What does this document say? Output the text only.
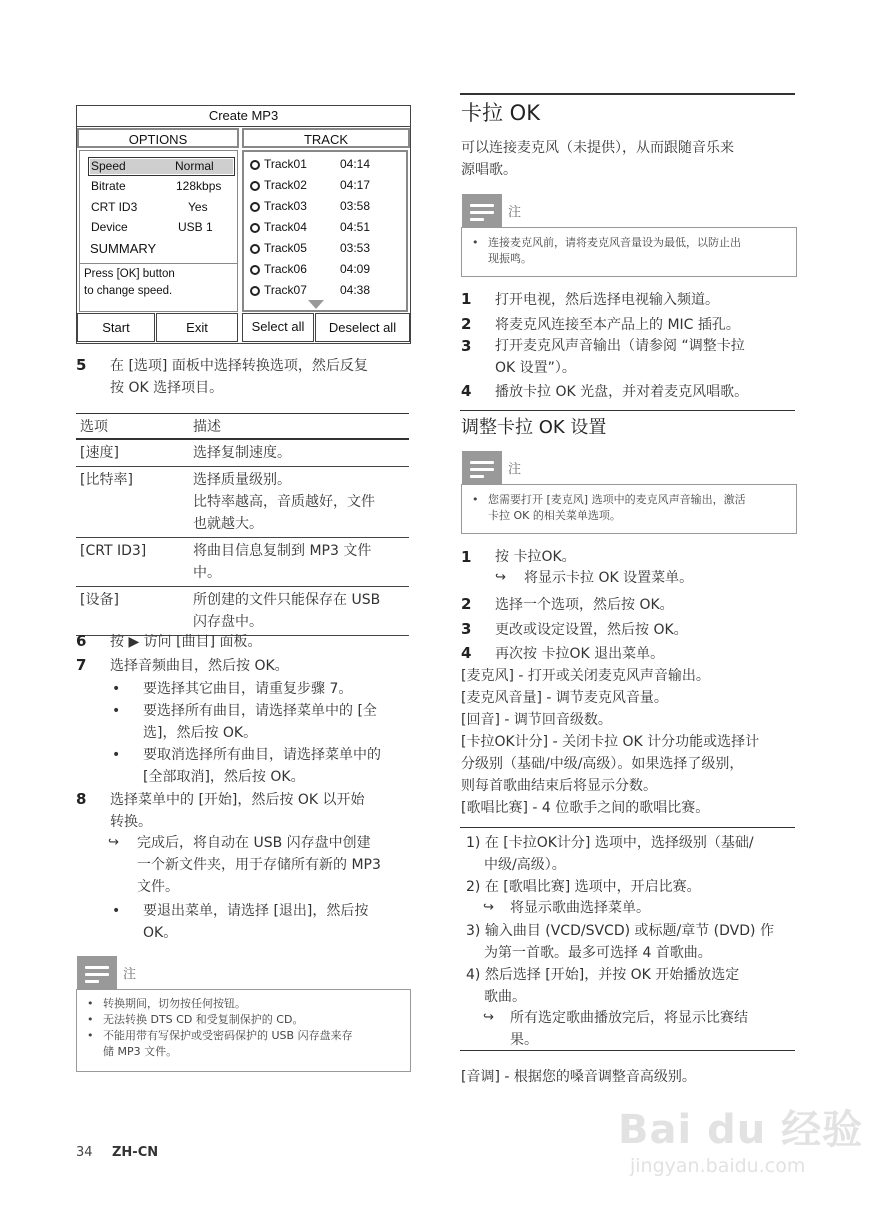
Create MP3
OPTIONS	TRACK
Speed	Normal
Bitrate	128kbps
CRT ID3	Yes
Device	USB 1
SUMMARY
Press [OK] button
to change speed.
Track01	04:14
Track02	04:17
Track03	03:58
Track04	04:51
Track05	03:53
Track06	04:09
Track07	04:38
Start	Exit	Select all	Deselect all
5 在 [选项] 面板中选择转换选项，然后反复
按 OK 选择项目。
选项	描述
[速度]	选择复制速度。

[比特率]	选择质量级别。
比特率越高，音质越好，文件
也就越大。

[CRT ID3]	将曲目信息复制到 MP3 文件
中。

[设备]	所创建的文件只能保存在 USB
闪存盘中。
6 按 ▶ 访问 [曲目] 面板。
7 选择音频曲目，然后按 OK。
• 要选择其它曲目，请重复步骤 7。
• 要选择所有曲目，请选择菜单中的 [全
选]，然后按 OK。
• 要取消选择所有曲目，请选择菜单中的
[全部取消]，然后按 OK。
8 选择菜单中的 [开始]，然后按 OK 以开始
转换。
↪ 完成后，将自动在 USB 闪存盘中创建
一个新文件夹，用于存储所有新的 MP3
文件。
• 要退出菜单，请选择 [退出]，然后按
OK。
注
• 转换期间，切勿按任何按钮。
• 无法转换 DTS CD 和受复制保护的 CD。
• 不能用带有写保护或受密码保护的 USB 闪存盘来存
储 MP3 文件。
34 ZH-CN
卡拉 OK
可以连接麦克风（未提供），从而跟随音乐来
源唱歌。
注
• 连接麦克风前，请将麦克风音量设为最低，以防止出
现振鸣。
1 打开电视，然后选择电视输入频道。
2 将麦克风连接至本产品上的 MIC 插孔。
3 打开麦克风声音输出（请参阅 “调整卡拉
OK 设置”）。
4 播放卡拉 OK 光盘，并对着麦克风唱歌。
调整卡拉 OK 设置
注
• 您需要打开 [麦克风] 选项中的麦克风声音输出，激活
卡拉 OK 的相关菜单选项。
1 按 卡拉OK。
↪ 将显示卡拉 OK 设置菜单。
2 选择一个选项，然后按 OK。
3 更改或设定设置，然后按 OK。
4 再次按 卡拉OK 退出菜单。
[麦克风] - 打开或关闭麦克风声音输出。
[麦克风音量] - 调节麦克风音量。
[回音] - 调节回音级数。
[卡拉OK计分] - 关闭卡拉 OK 计分功能或选择计
分级别（基础/中级/高级）。如果选择了级别，
则每首歌曲结束后将显示分数。
[歌唱比赛] - 4 位歌手之间的歌唱比赛。
1) 在 [卡拉OK计分] 选项中，选择级别（基础/
中级/高级）。
2) 在 [歌唱比赛] 选项中，开启比赛。
↪ 将显示歌曲选择菜单。
3) 输入曲目 (VCD/SVCD) 或标题/章节 (DVD) 作
为第一首歌。最多可选择 4 首歌曲。
4) 然后选择 [开始]，并按 OK 开始播放选定
歌曲。
↪ 所有选定歌曲播放完后，将显示比赛结
果。
[音调] - 根据您的嗓音调整音高级别。
Bai du 经验
jingyan.baidu.com
